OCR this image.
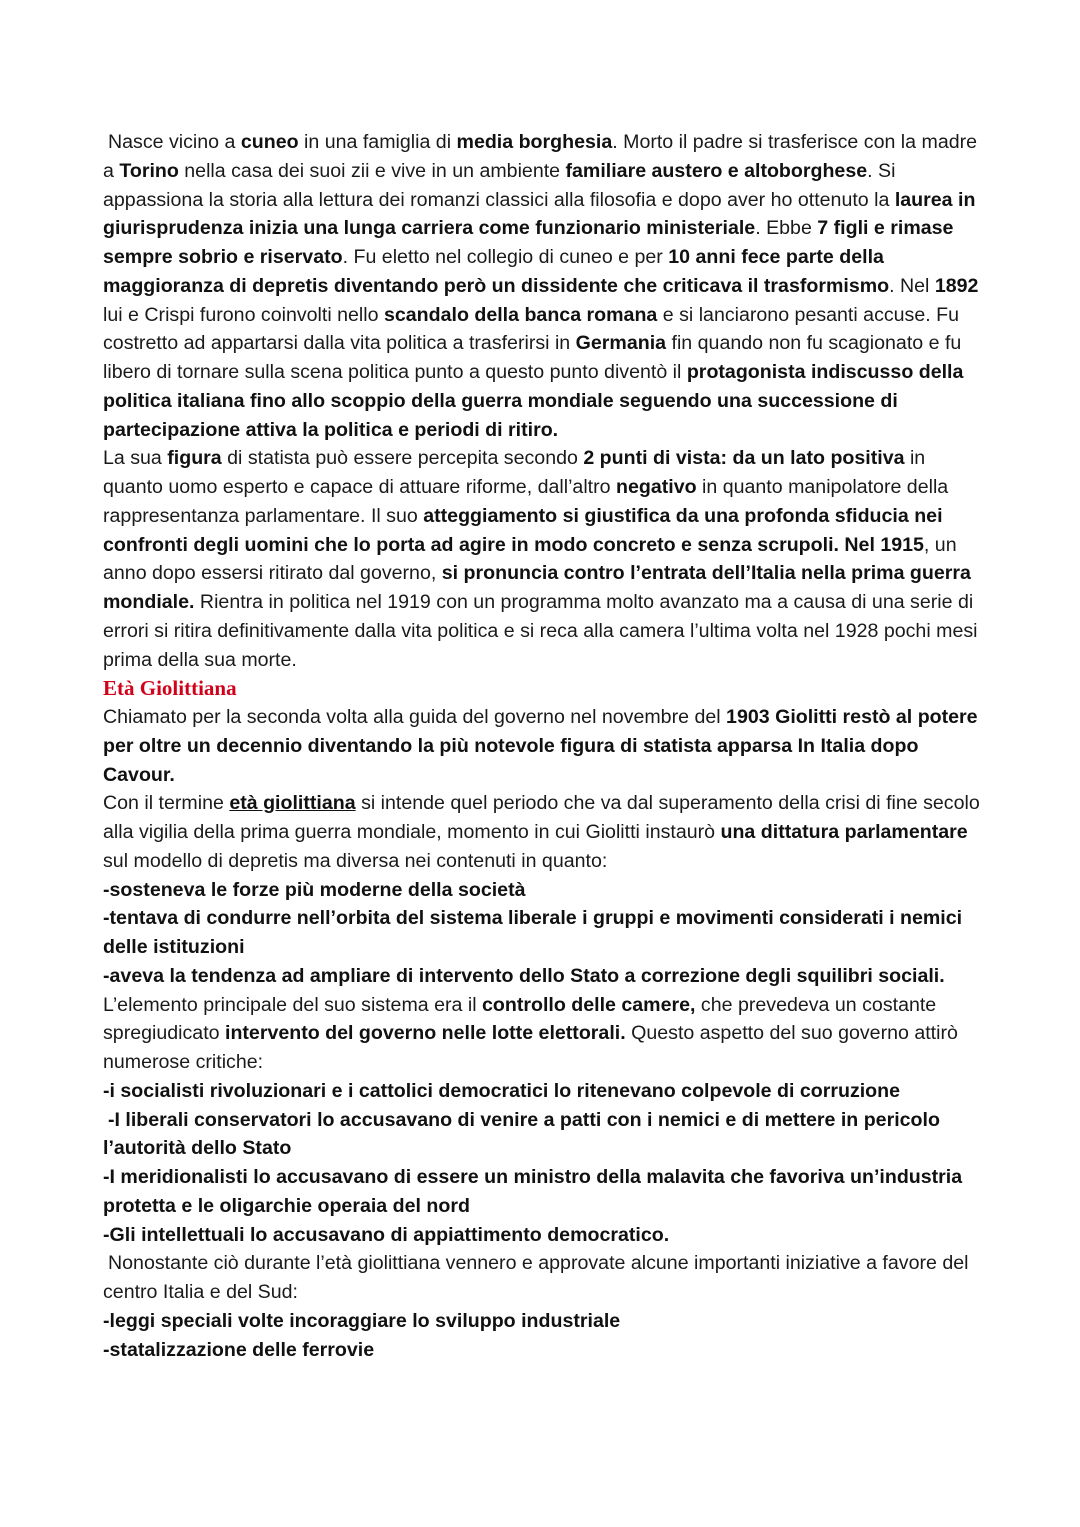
Nasce vicino a cuneo in una famiglia di media borghesia. Morto il padre si trasferisce con la madre a Torino nella casa dei suoi zii e vive in un ambiente familiare austero e altoborghese. Si appassiona la storia alla lettura dei romanzi classici alla filosofia e dopo aver ho ottenuto la laurea in giurisprudenza inizia una lunga carriera come funzionario ministeriale. Ebbe 7 figli e rimase sempre sobrio e riservato. Fu eletto nel collegio di cuneo e per 10 anni fece parte della maggioranza di depretis diventando però un dissidente che criticava il trasformismo. Nel 1892 lui e Crispi furono coinvolti nello scandalo della banca romana e si lanciarono pesanti accuse. Fu costretto ad appartarsi dalla vita politica a trasferirsi in Germania fin quando non fu scagionato e fu libero di tornare sulla scena politica punto a questo punto diventò il protagonista indiscusso della politica italiana fino allo scoppio della guerra mondiale seguendo una successione di partecipazione attiva la politica e periodi di ritiro.

La sua figura di statista può essere percepita secondo 2 punti di vista: da un lato positiva in quanto uomo esperto e capace di attuare riforme, dall’altro negativo in quanto manipolatore della rappresentanza parlamentare. Il suo atteggiamento si giustifica da una profonda sfiducia nei confronti degli uomini che lo porta ad agire in modo concreto e senza scrupoli. Nel 1915, un anno dopo essersi ritirato dal governo, si pronuncia contro l’entrata dell’Italia nella prima guerra mondiale. Rientra in politica nel 1919 con un programma molto avanzato ma a causa di una serie di errori si ritira definitivamente dalla vita politica e si reca alla camera l’ultima volta nel 1928 pochi mesi prima della sua morte.

Età Giolittiana

Chiamato per la seconda volta alla guida del governo nel novembre del 1903 Giolitti restò al potere per oltre un decennio diventando la più notevole figura di statista apparsa In Italia dopo Cavour.

Con il termine età giolittiana si intende quel periodo che va dal superamento della crisi di fine secolo alla vigilia della prima guerra mondiale, momento in cui Giolitti instaurò una dittatura parlamentare sul modello di depretis ma diversa nei contenuti in quanto:

-sosteneva le forze più moderne della società

-tentava di condurre nell’orbita del sistema liberale i gruppi e movimenti considerati i nemici delle istituzioni

-aveva la tendenza ad ampliare di intervento dello Stato a correzione degli squilibri sociali.

L’elemento principale del suo sistema era il controllo delle camere, che prevedeva un costante spregiudicato intervento del governo nelle lotte elettorali. Questo aspetto del suo governo attirò numerose critiche:

-i socialisti rivoluzionari e i cattolici democratici lo ritenevano colpevole di corruzione

-I liberali conservatori lo accusavano di venire a patti con i nemici e di mettere in pericolo l’autorità dello Stato

-I meridionalisti lo accusavano di essere un ministro della malavita che favoriva un’industria protetta e le oligarchie operaia del nord

-Gli intellettuali lo accusavano di appiattimento democratico.

Nonostante ciò durante l’età giolittiana vennero e approvate alcune importanti iniziative a favore del centro Italia e del Sud:

-leggi speciali volte incoraggiare lo sviluppo industriale

-statalizzazione delle ferrovie
